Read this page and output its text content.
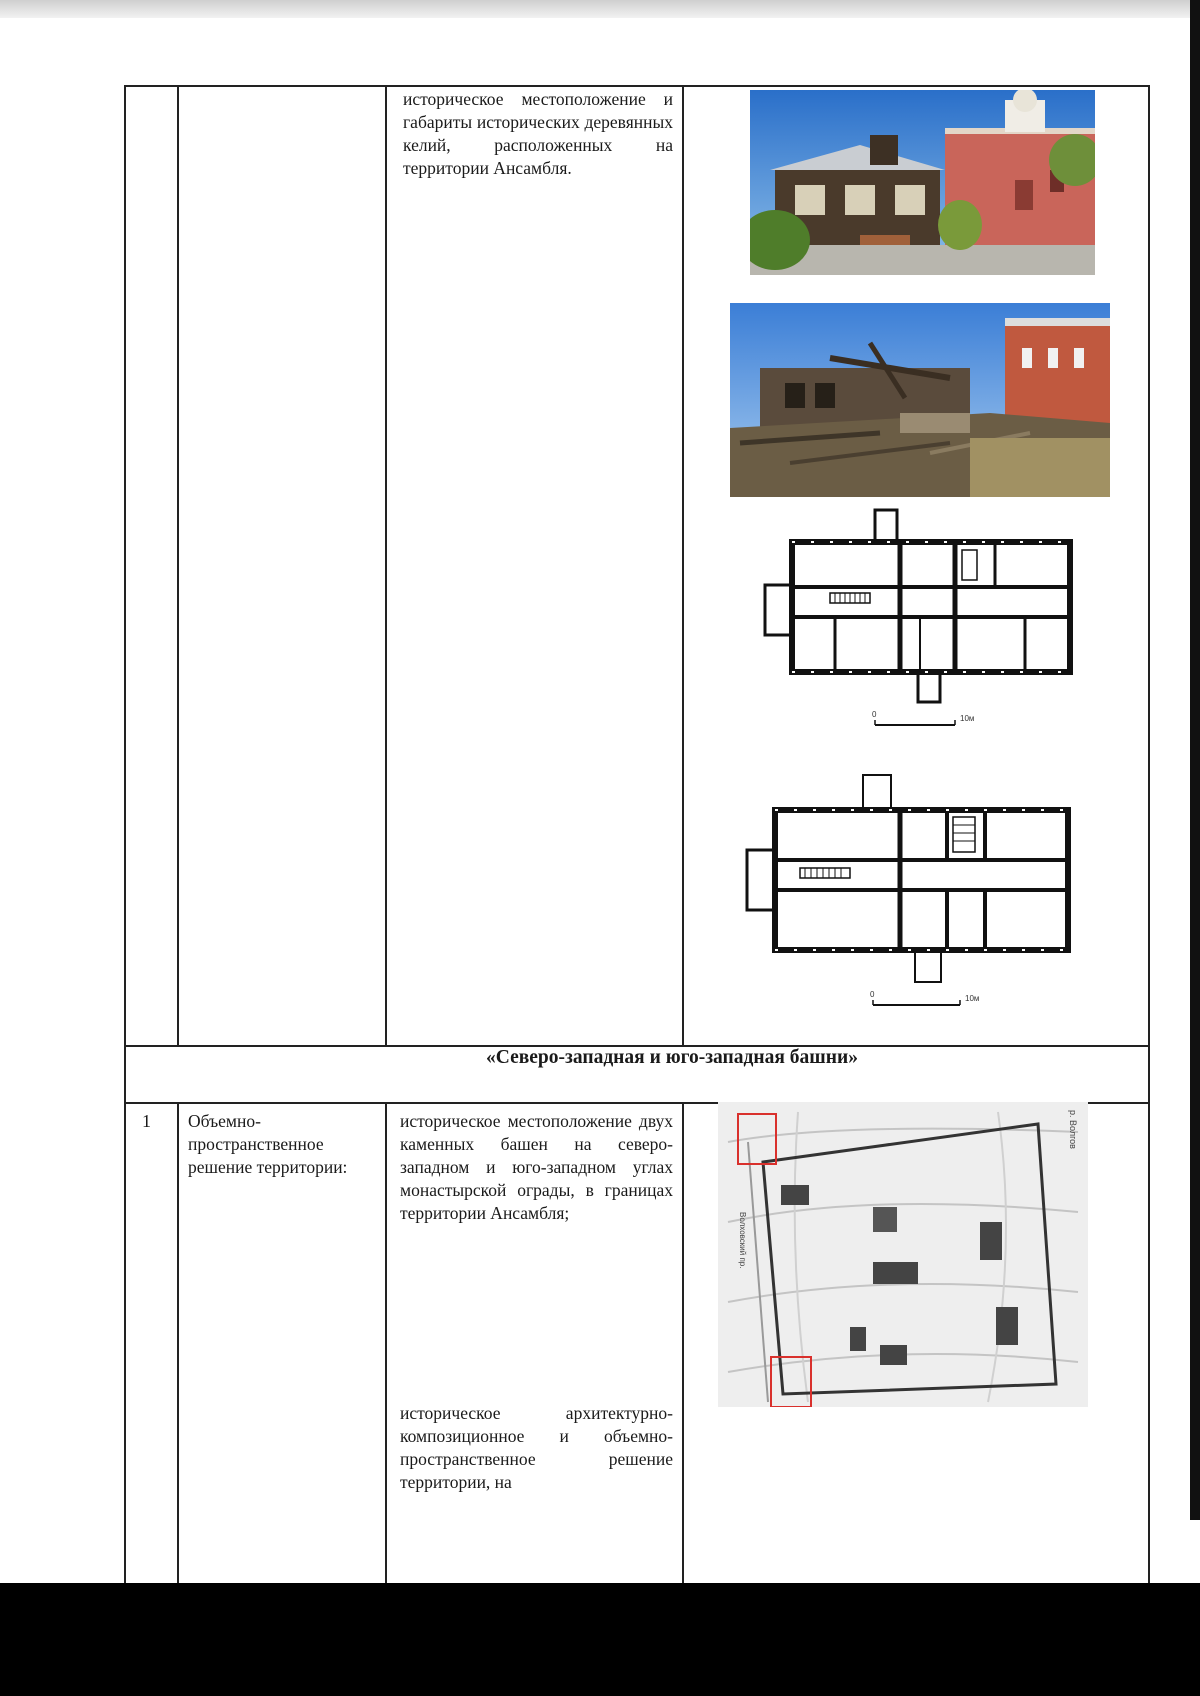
историческое местоположение и габариты исторических деревянных келий, расположенных на территории Ансамбля.
0	10м
0	10м
«Северо-западная и юго-западная башни»
1 Объемно-пространственное решение территории:
историческое местоположение двух каменных башен на северо-западном и юго-западном углах монастырской ограды, в границах территории Ансамбля;
историческое архитектурно-композиционное и объемно-пространственное решение территории, на
р. Волгов
Волховский пр.
